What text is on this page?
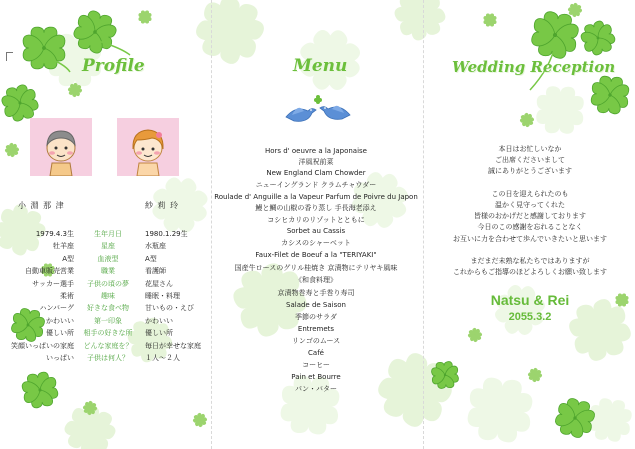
Profile	Menu	Wedding Reception
小 淵 那 津	紗 莉 玲
1979.4.3生	生年月日	1980.1.29生
牡羊座	星座	水瓶座
A型	血液型	A型
自動車販売営業	職業	看護師
サッカー選手	子供の頃の夢	花屋さん
柔術	趣味	睡眠・料理
ハンバーグ	好きな食べ物	甘いもの・えび
かわいい	第一印象	かわいい
優しい所	相手の好きな所	優しい所
笑顔いっぱいの家庭	どんな家庭を？	毎日が幸せな家庭
いっぱい	子供は何人？	１人～２人
Hors d' oeuvre a la Japonaise
洋風祝前菜
New England Clam Chowder
ニューイングランド クラムチャウダー
Roulade d' Anguille a la Vapeur Parfum de Poivre du Japon
鰻と鯛の山椒の香り蒸し 手長海老添え
コシヒカリのリゾットとともに
Sorbet au Cassis
カシスのシャーベット
Faux-Filet de Boeuf a la "TERIYAKI"
国産牛ロースのグリル桂焼き 京漬物にテリヤキ風味
《和食料理》
京漬物巻寿と手巻り寿司
Salade de Saison
季節のサラダ
Entremets
リンゴのムース
Café
コーヒー
Pain et Bourre
パン・バター
本日はお忙しいなか
ご出席くださいまして
誠にありがとうございます
この日を迎えられたのも
温かく見守ってくれた
皆様のおかげだと感謝しております
今日のこの感謝を忘れることなく
お互いに力を合わせて歩んでいきたいと思います
まだまだ未熟な私たちではありますが
これからもご指導のほどよろしくお願い致します
Natsu & Rei
2055.3.2
